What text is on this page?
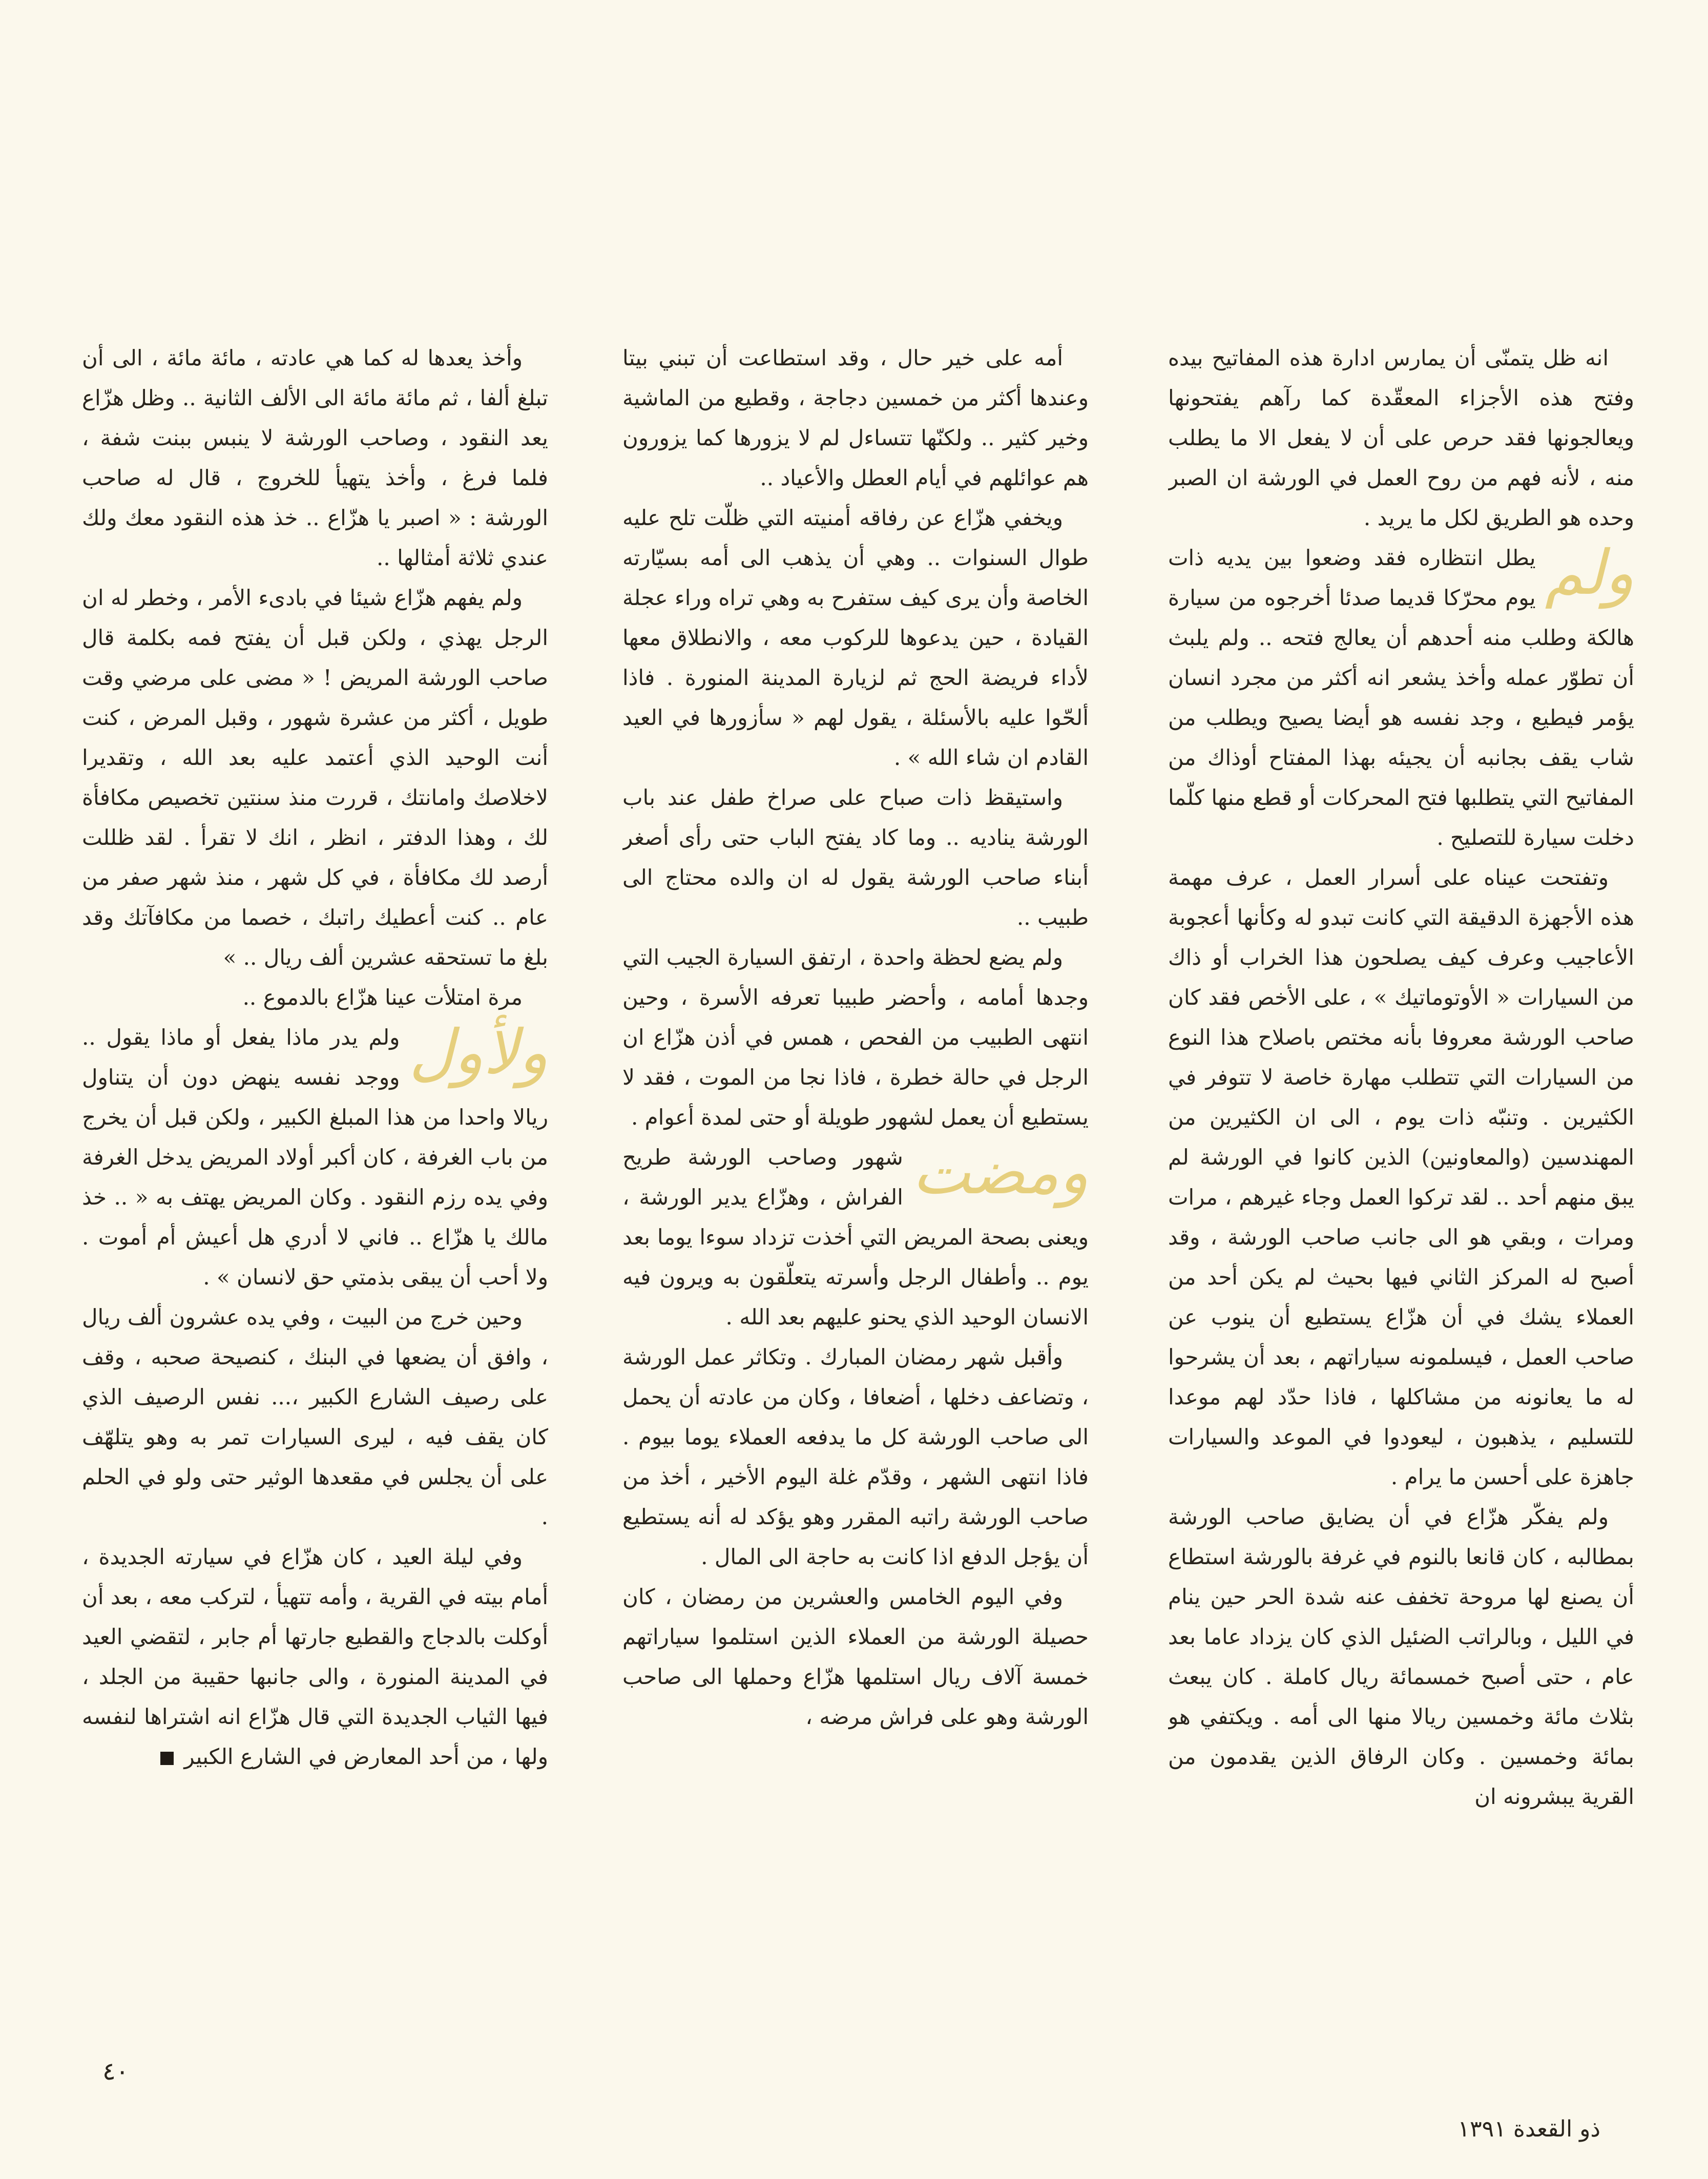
انه ظل يتمنّى أن يمارس ادارة هذه المفاتيح بيده وفتح هذه الأجزاء المعقّدة كما رآهم يفتحونها ويعالجونها فقد حرص على أن لا يفعل الا ما يطلب منه ، لأنه فهم من روح العمل في الورشة ان الصبر وحده هو الطريق لكل ما يريد .

ولم
يطل انتظاره فقد وضعوا بين يديه ذات يوم محرّكا قديما صدئا أخرجوه من سيارة هالكة وطلب منه أحدهم أن يعالج فتحه .. ولم يلبث أن تطوّر عمله وأخذ يشعر انه أكثر من مجرد انسان يؤمر فيطيع ، وجد نفسه هو أيضا يصيح ويطلب من شاب يقف بجانبه أن يجيئه بهذا المفتاح أوذاك من المفاتيح التي يتطلبها فتح المحركات أو قطع منها كلّما دخلت سيارة للتصليح .

وتفتحت عيناه على أسرار العمل ، عرف مهمة هذه الأجهزة الدقيقة التي كانت تبدو له وكأنها أعجوبة الأعاجيب وعرف كيف يصلحون هذا الخراب أو ذاك من السيارات « الأوتوماتيك » ، على الأخص فقد كان صاحب الورشة معروفا بأنه مختص باصلاح هذا النوع من السيارات التي تتطلب مهارة خاصة لا تتوفر في الكثيرين . وتنبّه ذات يوم ، الى ان الكثيرين من المهندسين (والمعاونين) الذين كانوا في الورشة لم يبق منهم أحد .. لقد تركوا العمل وجاء غيرهم ، مرات ومرات ، وبقي هو الى جانب صاحب الورشة ، وقد أصبح له المركز الثاني فيها بحيث لم يكن أحد من العملاء يشك في أن هزّاع يستطيع أن ينوب عن صاحب العمل ، فيسلمونه سياراتهم ، بعد أن يشرحوا له ما يعانونه من مشاكلها ، فاذا حدّد لهم موعدا للتسليم ، يذهبون ، ليعودوا في الموعد والسيارات جاهزة على أحسن ما يرام .

ولم يفكّر هزّاع في أن يضايق صاحب الورشة بمطالبه ، كان قانعا بالنوم في غرفة بالورشة استطاع أن يصنع لها مروحة تخفف عنه شدة الحر حين ينام في الليل ، وبالراتب الضئيل الذي كان يزداد عاما بعد عام ، حتى أصبح خمسمائة ريال كاملة . كان يبعث بثلاث مائة وخمسين ريالا منها الى أمه . ويكتفي هو بمائة وخمسين . وكان الرفاق الذين يقدمون من القرية يبشرونه ان

أمه على خير حال ، وقد استطاعت أن تبني بيتا وعندها أكثر من خمسين دجاجة ، وقطيع من الماشية وخير كثير .. ولكنّها تتساءل لم لا يزورها كما يزورون هم عوائلهم في أيام العطل والأعياد ..

ويخفي هزّاع عن رفاقه أمنيته التي ظلّت تلح عليه طوال السنوات .. وهي أن يذهب الى أمه بسيّارته الخاصة وأن يرى كيف ستفرح به وهي تراه وراء عجلة القيادة ، حين يدعوها للركوب معه ، والانطلاق معها لأداء فريضة الحج ثم لزيارة المدينة المنورة . فاذا ألحّوا عليه بالأسئلة ، يقول لهم « سأزورها في العيد القادم ان شاء الله » .

واستيقظ ذات صباح على صراخ طفل عند باب الورشة يناديه .. وما كاد يفتح الباب حتى رأى أصغر أبناء صاحب الورشة يقول له ان والده محتاج الى طبيب ..

ولم يضع لحظة واحدة ، ارتفق السيارة الجيب التي وجدها أمامه ، وأحضر طبيبا تعرفه الأسرة ، وحين انتهى الطبيب من الفحص ، همس في أذن هزّاع ان الرجل في حالة خطرة ، فاذا نجا من الموت ، فقد لا يستطيع أن يعمل لشهور طويلة أو حتى لمدة أعوام .

ومضت
شهور وصاحب الورشة طريح الفراش ، وهزّاع يدير الورشة ، ويعنى بصحة المريض التي أخذت تزداد سوءا يوما بعد يوم .. وأطفال الرجل وأسرته يتعلّقون به ويرون فيه الانسان الوحيد الذي يحنو عليهم بعد الله .

وأقبل شهر رمضان المبارك . وتكاثر عمل الورشة ، وتضاعف دخلها ، أضعافا ، وكان من عادته أن يحمل الى صاحب الورشة كل ما يدفعه العملاء يوما بيوم . فاذا انتهى الشهر ، وقدّم غلة اليوم الأخير ، أخذ من صاحب الورشة راتبه المقرر وهو يؤكد له أنه يستطيع أن يؤجل الدفع اذا كانت به حاجة الى المال .

وفي اليوم الخامس والعشرين من رمضان ، كان حصيلة الورشة من العملاء الذين استلموا سياراتهم خمسة آلاف ريال استلمها هزّاع وحملها الى صاحب الورشة وهو على فراش مرضه ،

وأخذ يعدها له كما هي عادته ، مائة مائة ، الى أن تبلغ ألفا ، ثم مائة مائة الى الألف الثانية .. وظل هزّاع يعد النقود ، وصاحب الورشة لا ينبس ببنت شفة ، فلما فرغ ، وأخذ يتهيأ للخروج ، قال له صاحب الورشة : « اصبر يا هزّاع .. خذ هذه النقود معك ولك عندي ثلاثة أمثالها ..

ولم يفهم هزّاع شيئا في بادىء الأمر ، وخطر له ان الرجل يهذي ، ولكن قبل أن يفتح فمه بكلمة قال صاحب الورشة المريض ! « مضى على مرضي وقت طويل ، أكثر من عشرة شهور ، وقبل المرض ، كنت أنت الوحيد الذي أعتمد عليه بعد الله ، وتقديرا لاخلاصك وامانتك ، قررت منذ سنتين تخصيص مكافأة لك ، وهذا الدفتر ، انظر ، انك لا تقرأ . لقد ظللت أرصد لك مكافأة ، في كل شهر ، منذ شهر صفر من عام .. كنت أعطيك راتبك ، خصما من مكافآتك وقد بلغ ما تستحقه عشرين ألف ريال .. »

مرة امتلأت عينا هزّاع بالدموع ..

ولأول
ولم يدر ماذا يفعل أو ماذا يقول .. ووجد نفسه ينهض دون أن يتناول ريالا واحدا من هذا المبلغ الكبير ، ولكن قبل أن يخرج من باب الغرفة ، كان أكبر أولاد المريض يدخل الغرفة وفي يده رزم النقود . وكان المريض يهتف به « .. خذ مالك يا هزّاع .. فاني لا أدري هل أعيش أم أموت . ولا أحب أن يبقى بذمتي حق لانسان » .

وحين خرج من البيت ، وفي يده عشرون ألف ريال ، وافق أن يضعها في البنك ، كنصيحة صحبه ، وقف على رصيف الشارع الكبير ،... نفس الرصيف الذي كان يقف فيه ، ليرى السيارات تمر به وهو يتلهّف على أن يجلس في مقعدها الوثير حتى ولو في الحلم .

وفي ليلة العيد ، كان هزّاع في سيارته الجديدة ، أمام بيته في القرية ، وأمه تتهيأ ، لتركب معه ، بعد أن أوكلت بالدجاج والقطيع جارتها أم جابر ، لتقضي العيد في المدينة المنورة ، والى جانبها حقيبة من الجلد ، فيها الثياب الجديدة التي قال هزّاع انه اشتراها لنفسه ولها ، من أحد المعارض في الشارع الكبير

٤٠
ذو القعدة ١٣٩١
